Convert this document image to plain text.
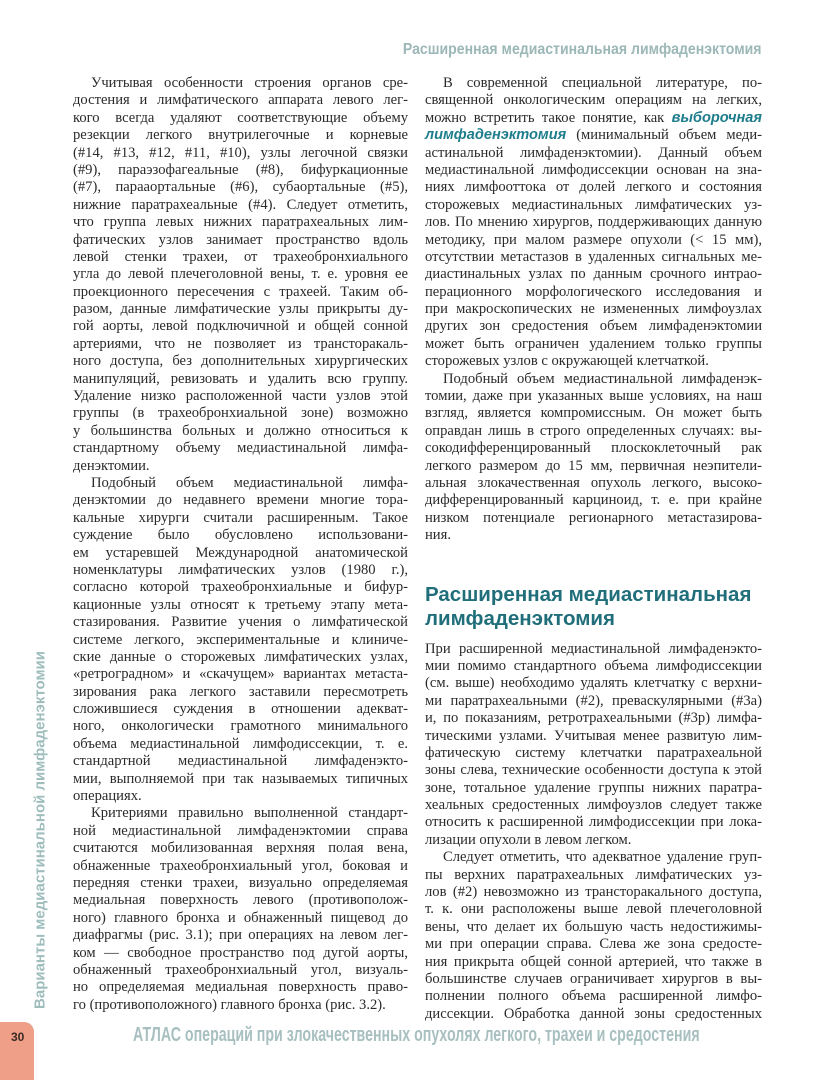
Расширенная медиастинальная лимфаденэктомия
Учитывая особенности строения органов сре-
достения и лимфатического аппарата левого лег-
кого всегда удаляют соответствующие объему
резекции легкого внутрилегочные и корневые
(#14, #13, #12, #11, #10), узлы легочной связки
(#9), параэзофагеальные (#8), бифуркационные
(#7), парааортальные (#6), субаортальные (#5),
нижние паратрахеальные (#4). Следует отметить,
что группа левых нижних паратрахеальных лим-
фатических узлов занимает пространство вдоль
левой стенки трахеи, от трахеобронхиального
угла до левой плечеголовной вены, т. е. уровня ее
проекционного пересечения с трахеей. Таким об-
разом, данные лимфатические узлы прикрыты ду-
гой аорты, левой подключичной и общей сонной
артериями, что не позволяет из трансторакаль-
ного доступа, без дополнительных хирургических
манипуляций, ревизовать и удалить всю группу.
Удаление низко расположенной части узлов этой
группы (в трахеобронхиальной зоне) возможно
у большинства больных и должно относиться к
стандартному объему медиастинальной лимфа-
денэктомии.
Подобный объем медиастинальной лимфа-
денэктомии до недавнего времени многие тора-
кальные хирурги считали расширенным. Такое
суждение было обусловлено использовани-
ем устаревшей Международной анатомической
номенклатуры лимфатических узлов (1980 г.),
согласно которой трахеобронхиальные и бифур-
кационные узлы относят к третьему этапу мета-
стазирования. Развитие учения о лимфатической
системе легкого, экспериментальные и клиниче-
ские данные о сторожевых лимфатических узлах,
«ретроградном» и «скачущем» вариантах метаста-
зирования рака легкого заставили пересмотреть
сложившиеся суждения в отношении адекват-
ного, онкологически грамотного минимального
объема медиастинальной лимфодиссекции, т. е.
стандартной медиастинальной лимфаденэкто-
мии, выполняемой при так называемых типичных
операциях.
Критериями правильно выполненной стандарт-
ной медиастинальной лимфаденэктомии справа
считаются мобилизованная верхняя полая вена,
обнаженные трахеобронхиальный угол, боковая и
передняя стенки трахеи, визуально определяемая
медиальная поверхность левого (противополож-
ного) главного бронха и обнаженный пищевод до
диафрагмы (рис. 3.1); при операциях на левом лег-
ком — свободное пространство под дугой аорты,
обнаженный трахеобронхиальный угол, визуаль-
но определяемая медиальная поверхность право-
го (противоположного) главного бронха (рис. 3.2).
В современной специальной литературе, по-
священной онкологическим операциям на легких,
можно встретить такое понятие, как выборочная
лимфаденэктомия (минимальный объем меди-
астинальной лимфаденэктомии). Данный объем
медиастинальной лимфодиссекции основан на зна-
ниях лимфооттока от долей легкого и состояния
сторожевых медиастинальных лимфатических уз-
лов. По мнению хирургов, поддерживающих данную
методику, при малом размере опухоли (< 15 мм),
отсутствии метастазов в удаленных сигнальных ме-
диастинальных узлах по данным срочного интрао-
перационного морфологического исследования и
при макроскопических не измененных лимфоузлах
других зон средостения объем лимфаденэктомии
может быть ограничен удалением только группы
сторожевых узлов с окружающей клетчаткой.
Подобный объем медиастинальной лимфаденэк-
томии, даже при указанных выше условиях, на наш
взгляд, является компромиссным. Он может быть
оправдан лишь в строго определенных случаях: вы-
сокодифференцированный плоскоклеточный рак
легкого размером до 15 мм, первичная неэпители-
альная злокачественная опухоль легкого, высоко-
дифференцированный карциноид, т. е. при крайне
низком потенциале регионарного метастазирова-
ния.
Расширенная медиастинальная
лимфаденэктомия
При расширенной медиастинальной лимфаденэкто-
мии помимо стандартного объема лимфодиссекции
(см. выше) необходимо удалять клетчатку с верхни-
ми паратрахеальными (#2), преваскулярными (#3a)
и, по показаниям, ретротрахеальными (#3p) лимфа-
тическими узлами. Учитывая менее развитую лим-
фатическую систему клетчатки паратрахеальной
зоны слева, технические особенности доступа к этой
зоне, тотальное удаление группы нижних паратра-
хеальных средостенных лимфоузлов следует также
относить к расширенной лимфодиссекции при лока-
лизации опухоли в левом легком.
Следует отметить, что адекватное удаление груп-
пы верхних паратрахеальных лимфатических уз-
лов (#2) невозможно из трансторакального доступа,
т. к. они расположены выше левой плечеголовной
вены, что делает их большую часть недостижимы-
ми при операции справа. Слева же зона средосте-
ния прикрыта общей сонной артерией, что также в
большинстве случаев ограничивает хирургов в вы-
полнении полного объема расширенной лимфо-
диссекции. Обработка данной зоны средостенных
Варианты медиастинальной лимфаденэктомии
30	АТЛАС операций при злокачественных опухолях легкого, трахеи и средостения
